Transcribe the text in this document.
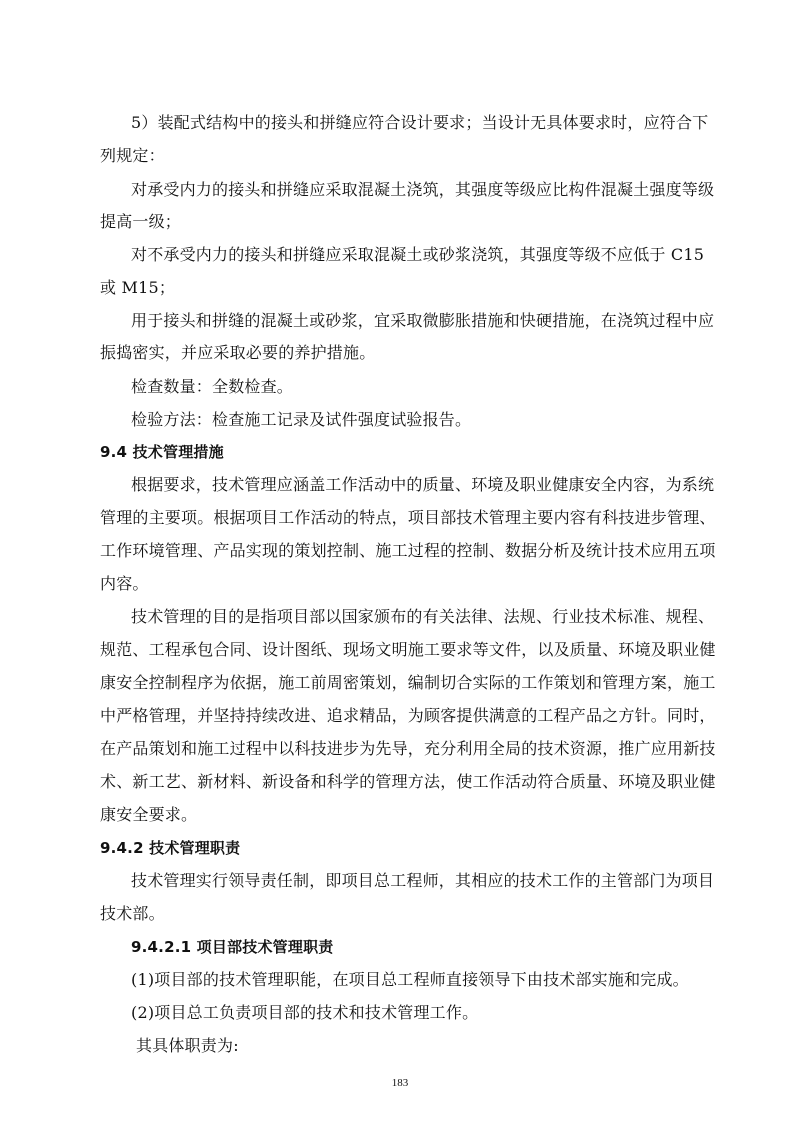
5）装配式结构中的接头和拼缝应符合设计要求；当设计无具体要求时，应符合下
列规定：
对承受内力的接头和拼缝应采取混凝土浇筑，其强度等级应比构件混凝土强度等级
提高一级；
对不承受内力的接头和拼缝应采取混凝土或砂浆浇筑，其强度等级不应低于 C15
或 M15；
用于接头和拼缝的混凝土或砂浆，宜采取微膨胀措施和快硬措施，在浇筑过程中应
振捣密实，并应采取必要的养护措施。
检查数量：全数检查。
检验方法：检查施工记录及试件强度试验报告。
9.4 技术管理措施
根据要求，技术管理应涵盖工作活动中的质量、环境及职业健康安全内容，为系统
管理的主要项。根据项目工作活动的特点，项目部技术管理主要内容有科技进步管理、
工作环境管理、产品实现的策划控制、施工过程的控制、数据分析及统计技术应用五项
内容。
技术管理的目的是指项目部以国家颁布的有关法律、法规、行业技术标准、规程、
规范、工程承包合同、设计图纸、现场文明施工要求等文件，以及质量、环境及职业健
康安全控制程序为依据，施工前周密策划，编制切合实际的工作策划和管理方案，施工
中严格管理，并坚持持续改进、追求精品，为顾客提供满意的工程产品之方针。同时，
在产品策划和施工过程中以科技进步为先导，充分利用全局的技术资源，推广应用新技
术、新工艺、新材料、新设备和科学的管理方法，使工作活动符合质量、环境及职业健
康安全要求。
9.4.2 技术管理职责
技术管理实行领导责任制，即项目总工程师，其相应的技术工作的主管部门为项目
技术部。
9.4.2.1 项目部技术管理职责
(1)项目部的技术管理职能，在项目总工程师直接领导下由技术部实施和完成。
(2)项目总工负责项目部的技术和技术管理工作。
其具体职责为:
183
